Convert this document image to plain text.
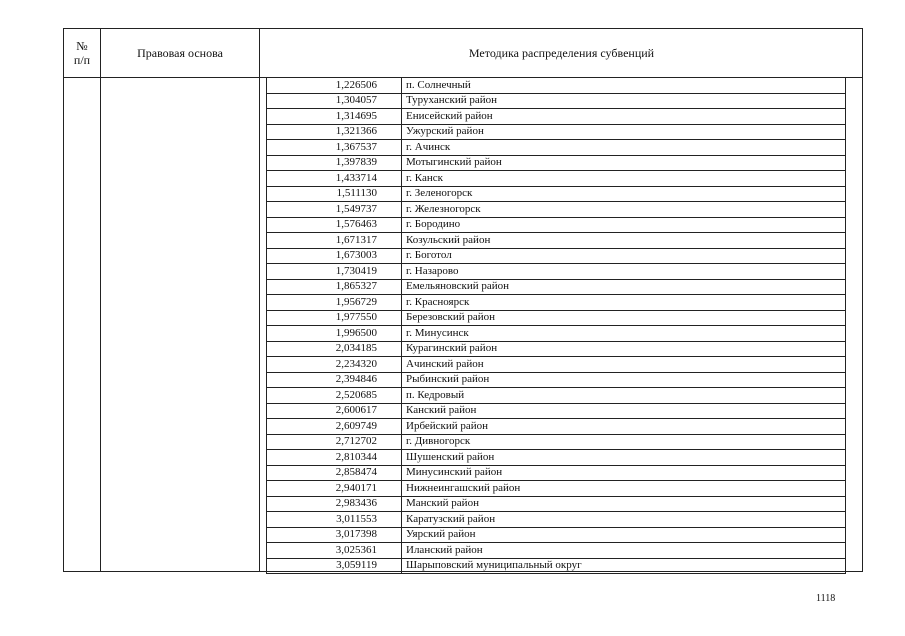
№
п/п	Правовая основа	Методика распределения субвенций
1,226506	п. Солнечный
1,304057	Туруханский район
1,314695	Енисейский район
1,321366	Ужурский район
1,367537	г. Ачинск
1,397839	Мотыгинский район
1,433714	г. Канск
1,511130	г. Зеленогорск
1,549737	г. Железногорск
1,576463	г. Бородино
1,671317	Козульский район
1,673003	г. Боготол
1,730419	г. Назарово
1,865327	Емельяновский район
1,956729	г. Красноярск
1,977550	Березовский район
1,996500	г. Минусинск
2,034185	Курагинский район
2,234320	Ачинский район
2,394846	Рыбинский район
2,520685	п. Кедровый
2,600617	Канский район
2,609749	Ирбейский район
2,712702	г. Дивногорск
2,810344	Шушенский район
2,858474	Минусинский район
2,940171	Нижнеингашский район
2,983436	Манский район
3,011553	Каратузский район
3,017398	Уярский район
3,025361	Иланский район
3,059119	Шарыповский муниципальный округ
1118
